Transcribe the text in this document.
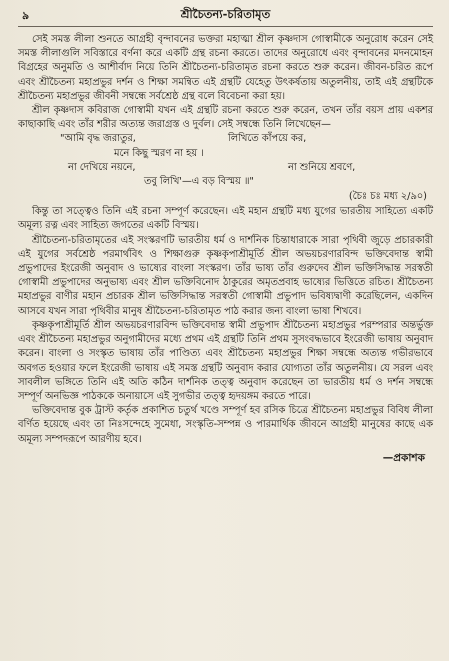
৯	শ্রীচৈতন্য-চরিতামৃত

সেই সমস্ত লীলা শুনতে আগ্রহী বৃন্দাবনের ভক্তরা মহাত্মা শ্রীল কৃষ্ণদাস গোস্বামীকে অনুরোধ করেন সেই সমস্ত লীলাগুলি সবিস্তারে বর্ণনা করে একটি গ্রন্থ রচনা করতে। তাদের অনুরোধে এবং বৃন্দাবনের মদনমোহন বিগ্রহের অনুমতি ও আশীর্বাদ নিয়ে তিনি শ্রীচৈতন্য-চরিতামৃত রচনা করতে শুরু করেন। জীবন-চরিত রূপে এবং শ্রীচৈতন্য মহাপ্রভুর দর্শন ও শিক্ষা সমন্বিত এই গ্রন্থটি যেহেতু উৎকর্ষতায় অতুলনীয়, তাই এই গ্রন্থটিকে শ্রীচৈতন্য মহাপ্রভুর জীবনী সম্বন্ধে সর্বশ্রেষ্ঠ গ্রন্থ বলে বিবেচনা করা হয়।

শ্রীল কৃষ্ণদাস কবিরাজ গোস্বামী যখন এই গ্রন্থটি রচনা করতে শুরু করেন, তখন তাঁর বয়স প্রায় একশর কাছাকাছি এবং তাঁর শরীর অত্যন্ত জরাগ্রস্ত ও দুর্বল। সেই সম্বন্ধে তিনি লিখেছেন—

"আমি বৃদ্ধ জরাতুর,	লিখিতে কাঁপয়ে কর,
মনে কিছু স্মরণ না হয় ।
না দেখিয়ে নয়নে,	না শুনিয়ে শ্রবণে,
তবু লিখি'—এ বড় বিস্ময় ॥"
(চৈঃ চঃ মধ্য ২/৯০)

কিন্তু তা সত্ত্বেও তিনি এই রচনা সম্পূর্ণ করেছেন। এই মহান গ্রন্থটি মধ্য যুগের ভারতীয় সাহিত্যে একটি অমূল্য রত্ন এবং সাহিত্য জগতের একটি বিস্ময়।

শ্রীচৈতন্য-চরিতামৃতের এই সংস্করণটি ভারতীয় ধর্ম ও দার্শনিক চিন্তাধারাকে সারা পৃথিবী জুড়ে প্রচারকারী এই যুগের সর্বশ্রেষ্ঠ পরমার্থবিৎ ও শিক্ষাগুরু কৃষ্ণকৃপাশ্রীমূর্তি শ্রীল অভয়চরণারবিন্দ ভক্তিবেদান্ত স্বামী প্রভুপাদের ইংরেজী অনুবাদ ও ভাষ্যের বাংলা সংস্করণ। তাঁর ভাষ্য তাঁর গুরুদেব শ্রীল ভক্তিসিদ্ধান্ত সরস্বতী গোস্বামী প্রভুপাদের অনুভাষ্য এবং শ্রীল ভক্তিবিনোদ ঠাকুরের অমৃতপ্রবাহ ভাষ্যের ভিত্তিতে রচিত। শ্রীচৈতন্য মহাপ্রভুর বাণীর মহান প্রচারক শ্রীল ভক্তিসিদ্ধান্ত সরস্বতী গোস্বামী প্রভুপাদ ভবিষ্যদ্বাণী করেছিলেন, একদিন আসবে যখন সারা পৃথিবীর মানুষ শ্রীচৈতন্য-চরিতামৃত পাঠ করার জন্য বাংলা ভাষা শিখবে।

কৃষ্ণকৃপাশ্রীমূর্তি শ্রীল অভয়চরণারবিন্দ ভক্তিবেদান্ত স্বামী প্রভুপাদ শ্রীচৈতন্য মহাপ্রভুর পরম্পরার অন্তর্ভুক্ত এবং শ্রীচৈতন্য মহাপ্রভুর অনুগামীদের মধ্যে প্রথম এই গ্রন্থটি তিনি প্রথম সুসংবদ্ধভাবে ইংরেজী ভাষায় অনুবাদ করেন। বাংলা ও সংস্কৃত ভাষায় তাঁর পাণ্ডিত্য এবং শ্রীচৈতন্য মহাপ্রভুর শিক্ষা সম্বন্ধে অত্যন্ত গভীরভাবে অবগত হওয়ার ফলে ইংরেজী ভাষায় এই সমস্ত গ্রন্থটি অনুবাদ করার যোগ্যতা তাঁর অতুলনীয়। যে সরল এবং সাবলীল ভঙ্গিতে তিনি এই অতি কঠিন দার্শনিক তত্ত্ব অনুবাদ করেছেন তা ভারতীয় ধর্ম ও দর্শন সম্বন্ধে সম্পূর্ণ অনভিজ্ঞ পাঠককে অনায়াসে এই সুগভীর তত্ত্ব হৃদয়ঙ্গম করতে পারে।

ভক্তিবেদান্ত বুক ট্রাস্ট কর্তৃক প্রকাশিত চতুর্থ খণ্ডে সম্পূর্ণ হব রসিক চিত্রে শ্রীচৈতন্য মহাপ্রভুর বিবিধ লীলা বর্ণিত হয়েছে এবং তা নিঃসন্দেহে সুমেধা, সংস্কৃতি-সম্পন্ন ও পারমার্থিক জীবনে আগ্রহী মানুষের কাছে এক অমূল্য সম্পদরূপে আরণীয় হবে।

—প্রকাশক
